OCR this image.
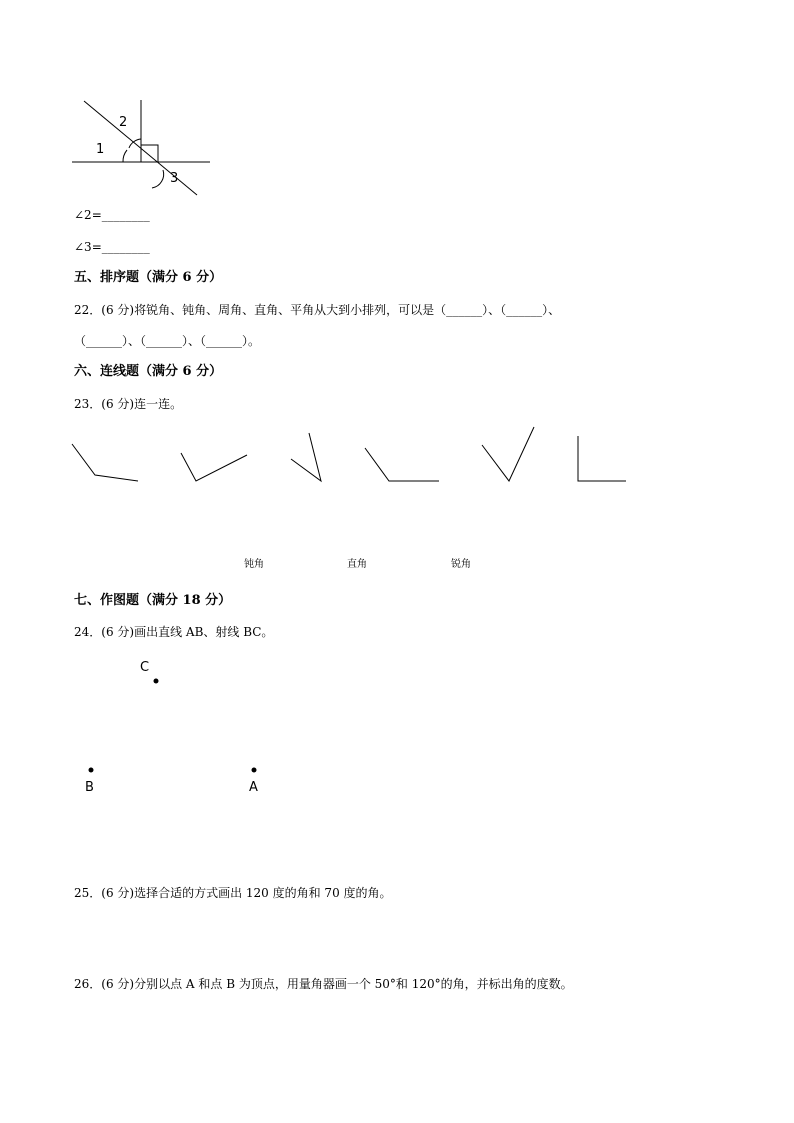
2
1
3
∠2=________
∠3=________
五、排序题（满分 6 分）
22．(6 分)将锐角、钝角、周角、直角、平角从大到小排列，可以是（______）、（______）、
（______）、（______）、（______）。
六、连线题（满分 6 分）
23．(6 分)连一连。
钝角	直角	锐角
七、作图题（满分 18 分）
24．(6 分)画出直线 AB、射线 BC。
C
B	A
25．(6 分)选择合适的方式画出 120 度的角和 70 度的角。
26．(6 分)分别以点 A 和点 B 为顶点，用量角器画一个 50°和 120°的角，并标出角的度数。
